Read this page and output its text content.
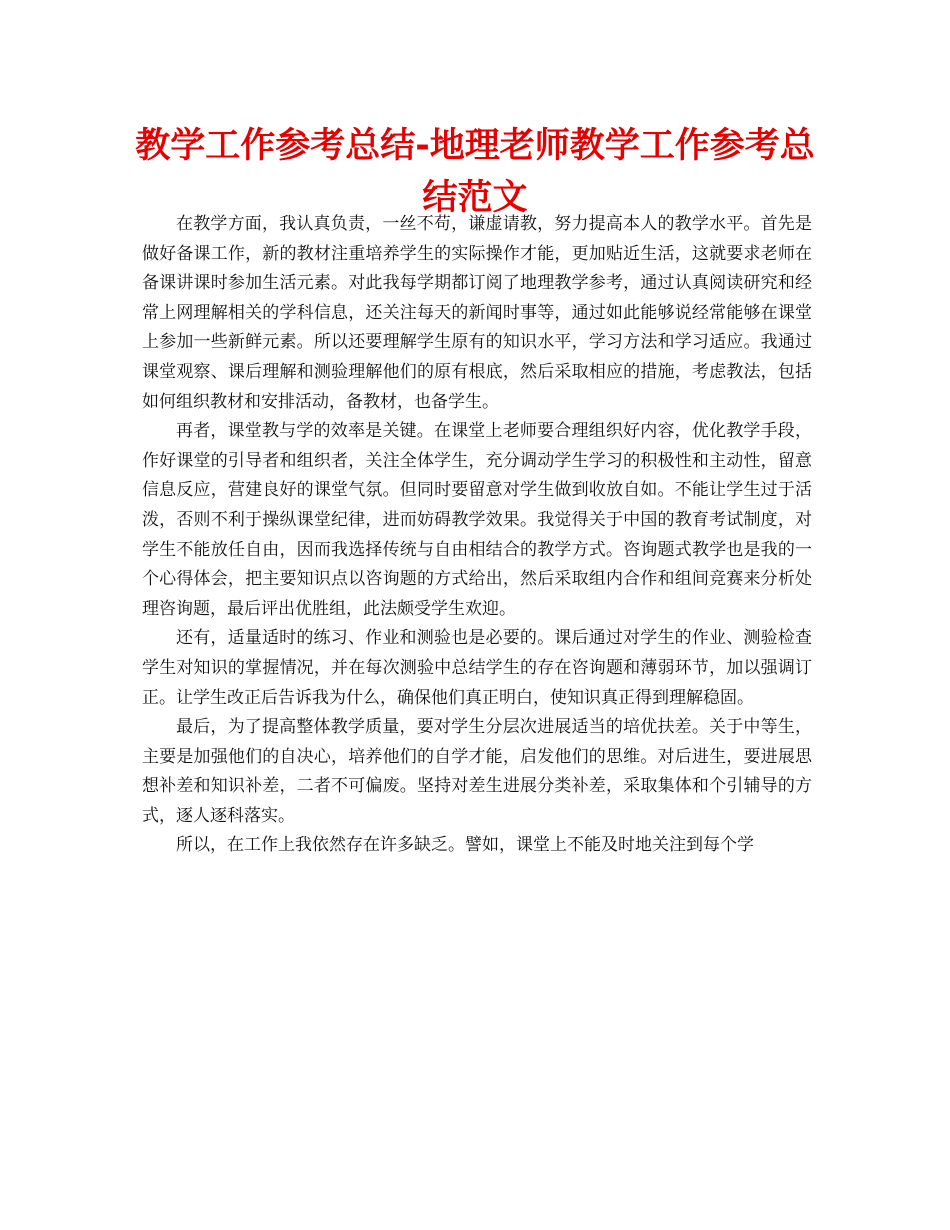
教学工作参考总结-地理老师教学工作参考总结范文

在教学方面，我认真负责，一丝不苟，谦虚请教，努力提高本人的教学水平。首先是做好备课工作，新的教材注重培养学生的实际操作才能，更加贴近生活，这就要求老师在备课讲课时参加生活元素。对此我每学期都订阅了地理教学参考，通过认真阅读研究和经常上网理解相关的学科信息，还关注每天的新闻时事等，通过如此能够说经常能够在课堂上参加一些新鲜元素。所以还要理解学生原有的知识水平，学习方法和学习适应。我通过课堂观察、课后理解和测验理解他们的原有根底，然后采取相应的措施，考虑教法，包括如何组织教材和安排活动，备教材，也备学生。

再者，课堂教与学的效率是关键。在课堂上老师要合理组织好内容，优化教学手段，作好课堂的引导者和组织者，关注全体学生，充分调动学生学习的积极性和主动性，留意信息反应，营建良好的课堂气氛。但同时要留意对学生做到收放自如。不能让学生过于活泼，否则不利于操纵课堂纪律，进而妨碍教学效果。我觉得关于中国的教育考试制度，对学生不能放任自由，因而我选择传统与自由相结合的教学方式。咨询题式教学也是我的一个心得体会，把主要知识点以咨询题的方式给出，然后采取组内合作和组间竞赛来分析处理咨询题，最后评出优胜组，此法颇受学生欢迎。

还有，适量适时的练习、作业和测验也是必要的。课后通过对学生的作业、测验检查学生对知识的掌握情况，并在每次测验中总结学生的存在咨询题和薄弱环节，加以强调订正。让学生改正后告诉我为什么，确保他们真正明白，使知识真正得到理解稳固。

最后，为了提高整体教学质量，要对学生分层次进展适当的培优扶差。关于中等生，主要是加强他们的自决心，培养他们的自学才能，启发他们的思维。对后进生，要进展思想补差和知识补差，二者不可偏废。坚持对差生进展分类补差，采取集体和个引辅导的方式，逐人逐科落实。

所以，在工作上我依然存在许多缺乏。譬如，课堂上不能及时地关注到每个学
